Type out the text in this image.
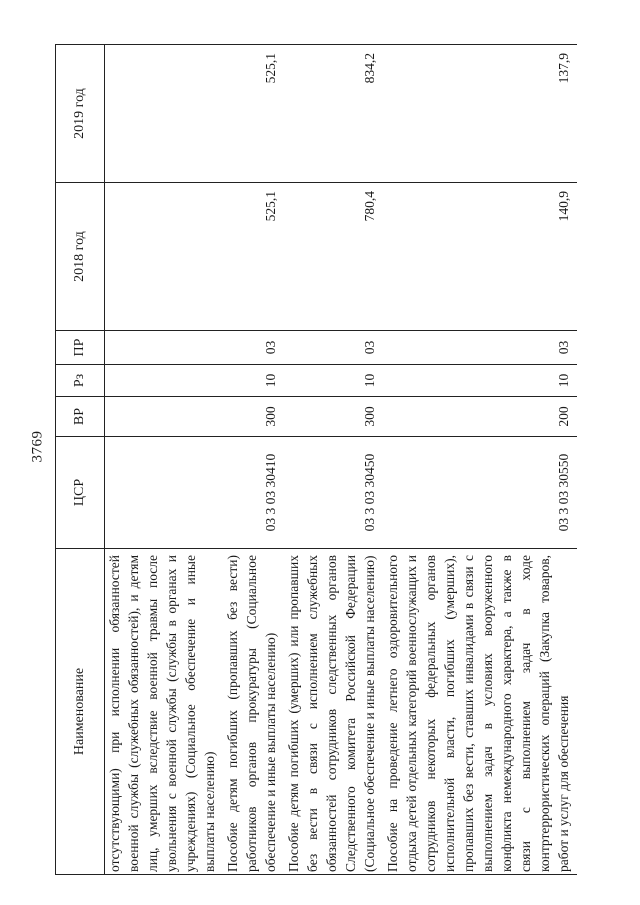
3769
Наименование	ЦСР	ВР	Рз	ПР	2018 год	2019 год
отсутствующими) при исполнении обязанностей военной службы (служебных обязанностей), и детям лиц, умерших вследствие военной травмы после увольнения с военной службы (службы в органах и учреждениях) (Социальное обеспечение и иные выплаты населению)						
Пособие детям погибших (пропавших без вести) работников органов прокуратуры (Социальное обеспечение и иные выплаты населению)	03 3 03 30410	300	10	03	525,1	525,1
Пособие детям погибших (умерших) или пропавших без вести в связи с исполнением служебных обязанностей сотрудников следственных органов Следственного комитета Российской Федерации (Социальное обеспечение и иные выплаты населению)	03 3 03 30450	300	10	03	780,4	834,2
Пособие на проведение летнего оздоровительного отдыха детей отдельных категорий военнослужащих и сотрудников некоторых федеральных органов исполнительной власти, погибших (умерших), пропавших без вести, ставших инвалидами в связи с выполнением задач в условиях вооруженного конфликта немеждународного характера, а также в связи с выполнением задач в ходе контртеррористических операций (Закупка товаров, работ и услуг для обеспечения	03 3 03 30550	200	10	03	140,9	137,9
